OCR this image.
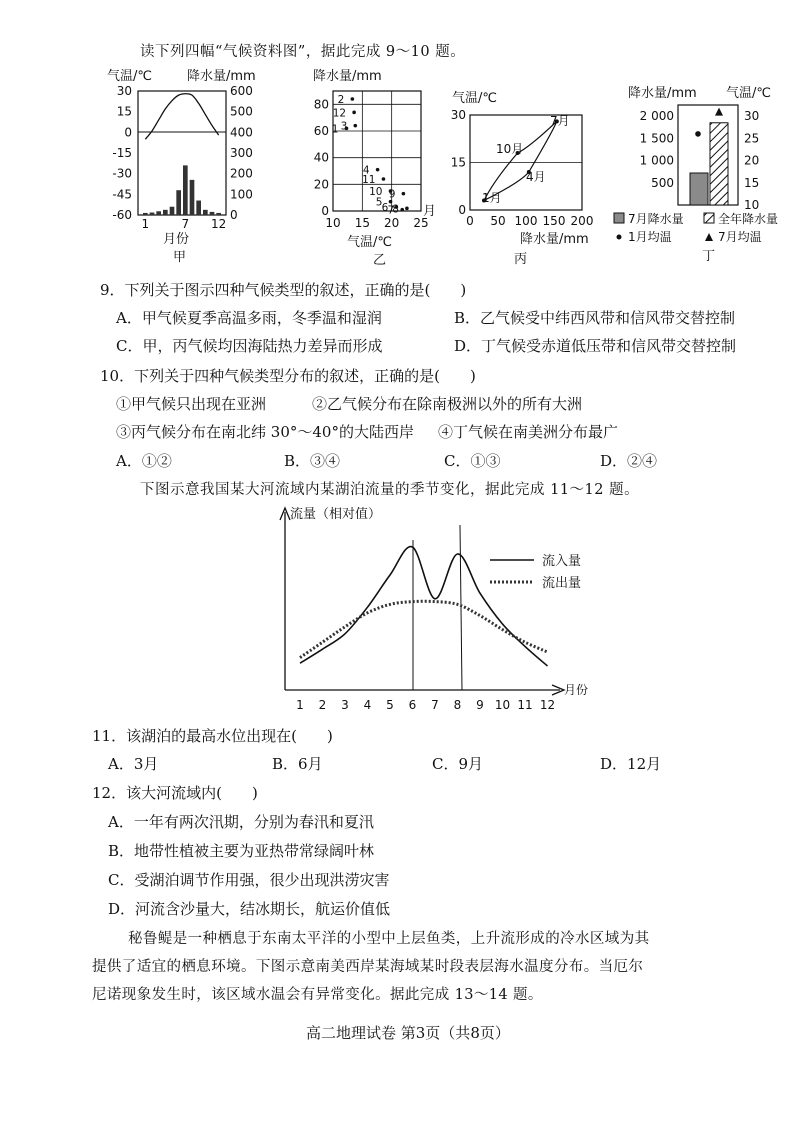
读下列四幅“气候资料图”，据此完成 9～10 题。
气温/℃	降水量/mm
30
15
0
-15
-30
-45
-60
600
500
400
300
200
100
0
1	7 12
月份
甲
降水量/mm
1
2
3
12
4
11
10
5 6 7
8
9
80
60
40
20
0
10 15 20 25
月
气温/℃
乙
气温/℃
7月
10月
4月
1月
30
15
0
0 50 100 150 200
降水量/mm
丙
降水量/mm 气温/℃
2 000
1 500
1 000
500
30
25
20
15
10
7月降水量	全年降水量
1月均温	7月均温
丁
9．下列关于图示四种气候类型的叙述，正确的是(　　)
A．甲气候夏季高温多雨，冬季温和湿润	B．乙气候受中纬西风带和信风带交替控制
C．甲，丙气候均因海陆热力差异而形成	D．丁气候受赤道低压带和信风带交替控制
10．下列关于四种气候类型分布的叙述，正确的是(　　)
①甲气候只出现在亚洲	②乙气候分布在除南极洲以外的所有大洲
③丙气候分布在南北纬 30°～40°的大陆西岸 ④丁气候在南美洲分布最广
A．①②	B．③④	C．①③	D．②④
下图示意我国某大河流域内某湖泊流量的季节变化，据此完成 11～12 题。
流量（相对值）
月份
1 2 3 4 5 6 7 8 9 10 11 12
流入量
流出量
11．该湖泊的最高水位出现在(　　)
A．3月	B．6月	C．9月	D．12月
12．该大河流域内(　　)
A．一年有两次汛期，分别为春汛和夏汛
B．地带性植被主要为亚热带常绿阔叶林
C．受湖泊调节作用强，很少出现洪涝灾害
D．河流含沙量大，结冰期长，航运价值低
秘鲁鳀是一种栖息于东南太平洋的小型中上层鱼类，上升流形成的冷水区域为其
提供了适宜的栖息环境。下图示意南美西岸某海域某时段表层海水温度分布。当厄尔
尼诺现象发生时，该区域水温会有异常变化。据此完成 13～14 题。
高二地理试卷 第3页（共8页）
